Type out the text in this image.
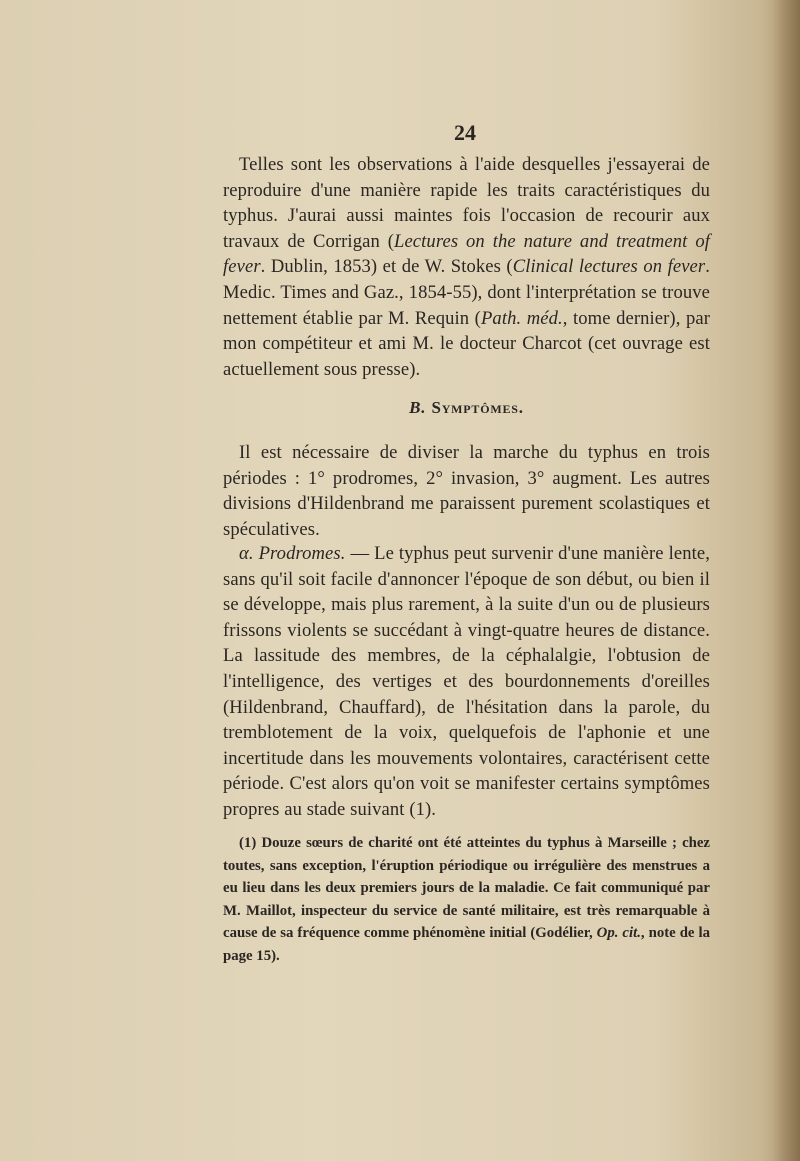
24

Telles sont les observations à l'aide desquelles j'essayerai de reproduire d'une manière rapide les traits caractéristiques du typhus. J'aurai aussi maintes fois l'occasion de recourir aux travaux de Corrigan (Lectures on the nature and treatment of fever. Dublin, 1853) et de W. Stokes (Clinical lectures on fever. Medic. Times and Gaz., 1854-55), dont l'interprétation se trouve nettement établie par M. Requin (Path. méd., tome dernier), par mon compétiteur et ami M. le docteur Charcot (cet ouvrage est actuellement sous presse).

B. Symptômes.

Il est nécessaire de diviser la marche du typhus en trois périodes : 1° prodromes, 2° invasion, 3° augment. Les autres divisions d'Hildenbrand me paraissent purement scolastiques et spéculatives.

α. Prodromes. — Le typhus peut survenir d'une manière lente, sans qu'il soit facile d'annoncer l'époque de son début, ou bien il se développe, mais plus rarement, à la suite d'un ou de plusieurs frissons violents se succédant à vingt-quatre heures de distance. La lassitude des membres, de la céphalalgie, l'obtusion de l'intelligence, des vertiges et des bourdonnements d'oreilles (Hildenbrand, Chauffard), de l'hésitation dans la parole, du tremblotement de la voix, quelquefois de l'aphonie et une incertitude dans les mouvements volontaires, caractérisent cette période. C'est alors qu'on voit se manifester certains symptômes propres au stade suivant (1).

(1) Douze sœurs de charité ont été atteintes du typhus à Marseille ; chez toutes, sans exception, l'éruption périodique ou irrégulière des menstrues a eu lieu dans les deux premiers jours de la maladie. Ce fait communiqué par M. Maillot, inspecteur du service de santé militaire, est très remarquable à cause de sa fréquence comme phénomène initial (Godélier, Op. cit., note de la page 15).
